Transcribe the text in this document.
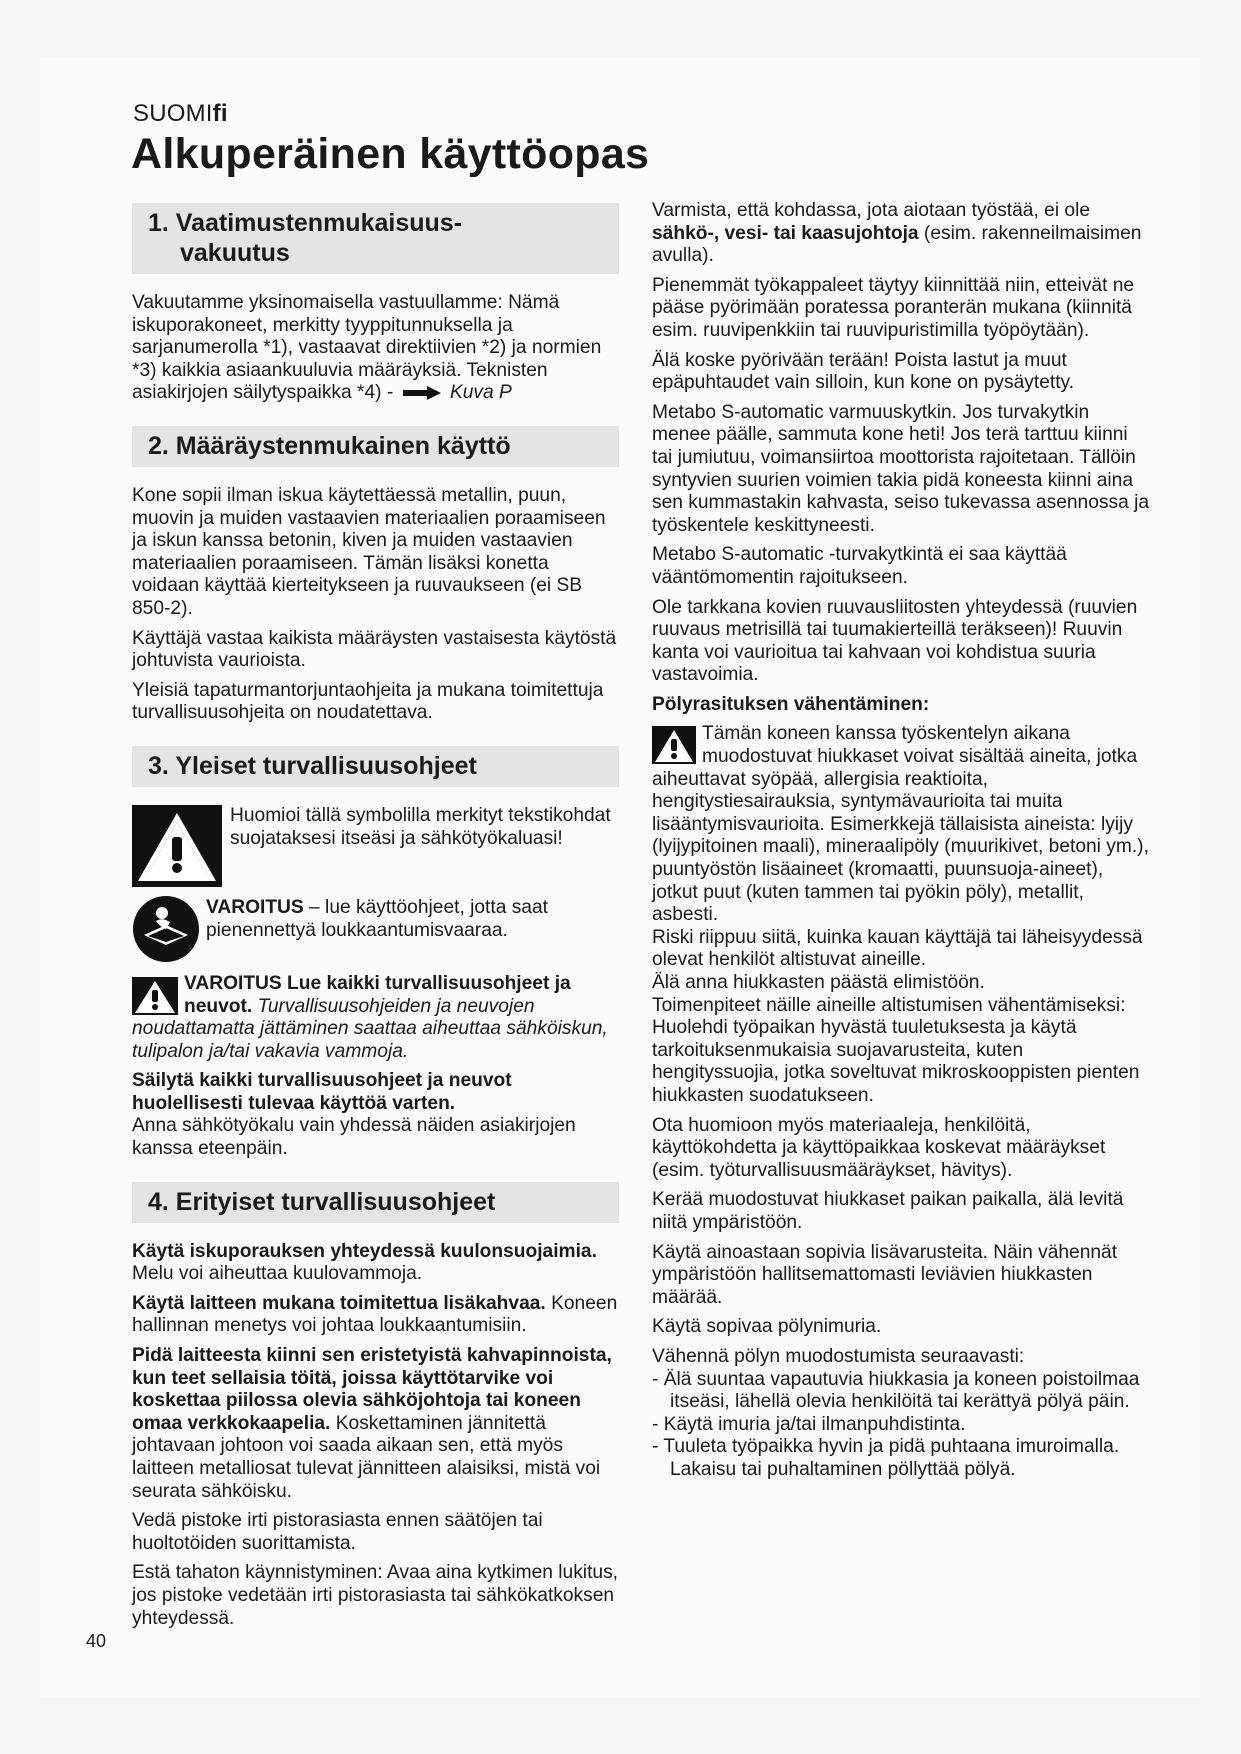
SUOMIfi
Alkuperäinen käyttöopas
1. Vaatimustenmukaisuus-
vakuutus

Vakuutamme yksinomaisella vastuullamme: Nämä iskuporakoneet, merkitty tyyppitunnuksella ja sarjanumerolla *1), vastaavat direktiivien *2) ja normien *3) kaikkia asiaankuuluvia määräyksiä. Teknisten asiakirjojen säilytyspaikka *4) -	Kuva P

2. Määräystenmukainen käyttö

Kone sopii ilman iskua käytettäessä metallin, puun, muovin ja muiden vastaavien materiaalien poraamiseen ja iskun kanssa betonin, kiven ja muiden vastaavien materiaalien poraamiseen. Tämän lisäksi konetta voidaan käyttää kierteitykseen ja ruuvaukseen (ei SB 850-2).

Käyttäjä vastaa kaikista määräysten vastaisesta käytöstä johtuvista vaurioista.

Yleisiä tapaturmantorjuntaohjeita ja mukana toimitettuja turvallisuusohjeita on noudatettava.

3. Yleiset turvallisuusohjeet
Huomioi tällä symbolilla merkityt tekstikohdat suojataksesi itseäsi ja sähkötyökaluasi!
VAROITUS – lue käyttöohjeet, jotta saat pienennettyä loukkaantumisvaaraa.

VAROITUS Lue kaikki turvallisuusohjeet ja neuvot. Turvallisuusohjeiden ja neuvojen noudattamatta jättäminen saattaa aiheuttaa sähköiskun, tulipalon ja/tai vakavia vammoja.

Säilytä kaikki turvallisuusohjeet ja neuvot huolellisesti tulevaa käyttöä varten.
Anna sähkötyökalu vain yhdessä näiden asiakirjojen kanssa eteenpäin.

4. Erityiset turvallisuusohjeet

Käytä iskuporauksen yhteydessä kuulonsuojaimia. Melu voi aiheuttaa kuulovammoja.

Käytä laitteen mukana toimitettua lisäkahvaa. Koneen hallinnan menetys voi johtaa loukkaantumisiin.

Pidä laitteesta kiinni sen eristetyistä kahvapinnoista, kun teet sellaisia töitä, joissa käyttötarvike voi koskettaa piilossa olevia sähköjohtoja tai koneen omaa verkkokaapelia. Koskettaminen jännitettä johtavaan johtoon voi saada aikaan sen, että myös laitteen metalliosat tulevat jännitteen alaisiksi, mistä voi seurata sähköisku.

Vedä pistoke irti pistorasiasta ennen säätöjen tai huoltotöiden suorittamista.

Estä tahaton käynnistyminen: Avaa aina kytkimen lukitus, jos pistoke vedetään irti pistorasiasta tai sähkökatkoksen yhteydessä.

Varmista, että kohdassa, jota aiotaan työstää, ei ole sähkö-, vesi- tai kaasujohtoja (esim. rakenneilmaisimen avulla).

Pienemmät työkappaleet täytyy kiinnittää niin, etteivät ne pääse pyörimään poratessa poranterän mukana (kiinnitä esim. ruuvipenkkiin tai ruuvipuristimilla työpöytään).

Älä koske pyörivään terään! Poista lastut ja muut epäpuhtaudet vain silloin, kun kone on pysäytetty.

Metabo S-automatic varmuuskytkin. Jos turvakytkin menee päälle, sammuta kone heti! Jos terä tarttuu kiinni tai jumiutuu, voimansiirtoa moottorista rajoitetaan. Tällöin syntyvien suurien voimien takia pidä koneesta kiinni aina sen kummastakin kahvasta, seiso tukevassa asennossa ja työskentele keskittyneesti.

Metabo S-automatic -turvakytkintä ei saa käyttää vääntömomentin rajoitukseen.

Ole tarkkana kovien ruuvausliitosten yhteydessä (ruuvien ruuvaus metrisillä tai tuumakierteillä teräkseen)! Ruuvin kanta voi vaurioitua tai kahvaan voi kohdistua suuria vastavoimia.

Pölyrasituksen vähentäminen:

Tämän koneen kanssa työskentelyn aikana muodostuvat hiukkaset voivat sisältää aineita, jotka aiheuttavat syöpää, allergisia reaktioita, hengitystiesairauksia, syntymävaurioita tai muita lisääntymisvaurioita. Esimerkkejä tällaisista aineista: lyijy (lyijypitoinen maali), mineraalipöly (muurikivet, betoni ym.), puuntyöstön lisäaineet (kromaatti, puunsuoja-aineet), jotkut puut (kuten tammen tai pyökin pöly), metallit, asbesti.
Riski riippuu siitä, kuinka kauan käyttäjä tai läheisyydessä olevat henkilöt altistuvat aineille.
Älä anna hiukkasten päästä elimistöön.
Toimenpiteet näille aineille altistumisen vähentämiseksi: Huolehdi työpaikan hyvästä tuuletuksesta ja käytä tarkoituksenmukaisia suojavarusteita, kuten hengityssuojia, jotka soveltuvat mikroskooppisten pienten hiukkasten suodatukseen.

Ota huomioon myös materiaaleja, henkilöitä, käyttökohdetta ja käyttöpaikkaa koskevat määräykset (esim. työturvallisuusmääräykset, hävitys).

Kerää muodostuvat hiukkaset paikan paikalla, älä levitä niitä ympäristöön.

Käytä ainoastaan sopivia lisävarusteita. Näin vähennät ympäristöön hallitsemattomasti leviävien hiukkasten määrää.

Käytä sopivaa pölynimuria.

Vähennä pölyn muodostumista seuraavasti:

- Älä suuntaa vapautuvia hiukkasia ja koneen poistoilmaa itseäsi, lähellä olevia henkilöitä tai kerättyä pölyä päin.
- Käytä imuria ja/tai ilmanpuhdistinta.
- Tuuleta työpaikka hyvin ja pidä puhtaana imuroimalla. Lakaisu tai puhaltaminen pöllyttää pölyä.
40
